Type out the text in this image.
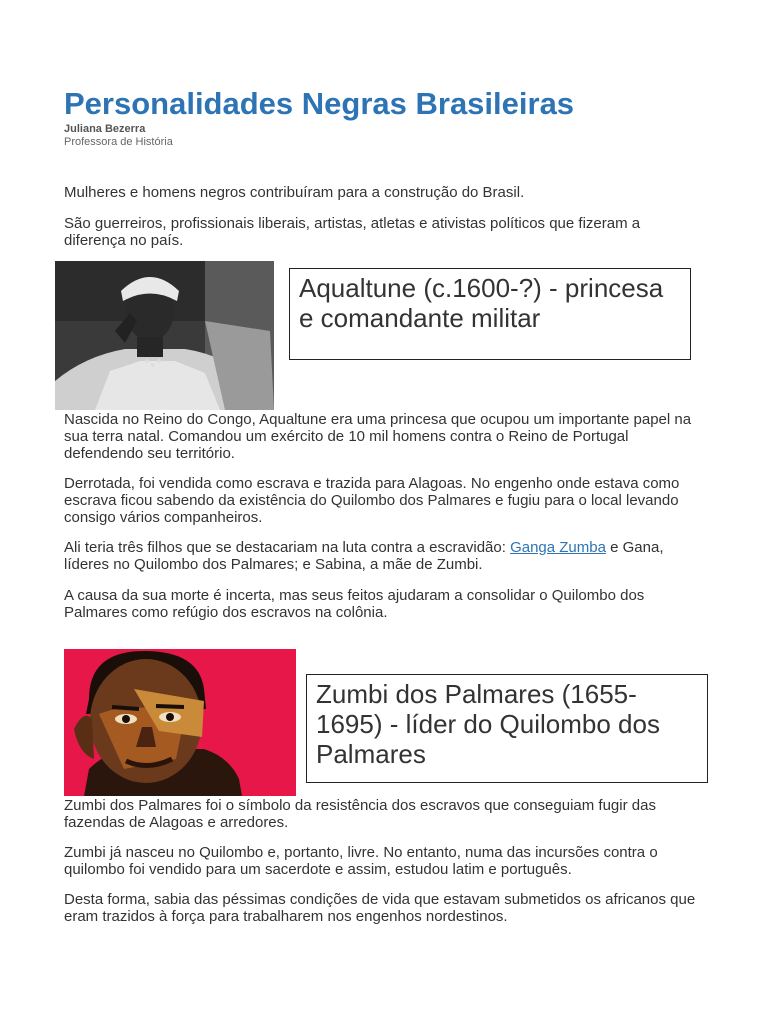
Personalidades Negras Brasileiras
Juliana Bezerra
Professora de História

Mulheres e homens negros contribuíram para a construção do Brasil.

São guerreiros, profissionais liberais, artistas, atletas e ativistas políticos que fizeram a diferença no país.

Aqualtune (c.1600-?) - princesa e comandante militar

Nascida no Reino do Congo, Aqualtune era uma princesa que ocupou um importante papel na sua terra natal. Comandou um exército de 10 mil homens contra o Reino de Portugal defendendo seu território.

Derrotada, foi vendida como escrava e trazida para Alagoas. No engenho onde estava como escrava ficou sabendo da existência do Quilombo dos Palmares e fugiu para o local levando consigo vários companheiros.

Ali teria três filhos que se destacariam na luta contra a escravidão: Ganga Zumba e Gana, líderes no Quilombo dos Palmares; e Sabina, a mãe de Zumbi.

A causa da sua morte é incerta, mas seus feitos ajudaram a consolidar o Quilombo dos Palmares como refúgio dos escravos na colônia.

Zumbi dos Palmares (1655-1695) - líder do Quilombo dos Palmares

Zumbi dos Palmares foi o símbolo da resistência dos escravos que conseguiam fugir das fazendas de Alagoas e arredores.

Zumbi já nasceu no Quilombo e, portanto, livre. No entanto, numa das incursões contra o quilombo foi vendido para um sacerdote e assim, estudou latim e português.

Desta forma, sabia das péssimas condições de vida que estavam submetidos os africanos que eram trazidos à força para trabalharem nos engenhos nordestinos.
